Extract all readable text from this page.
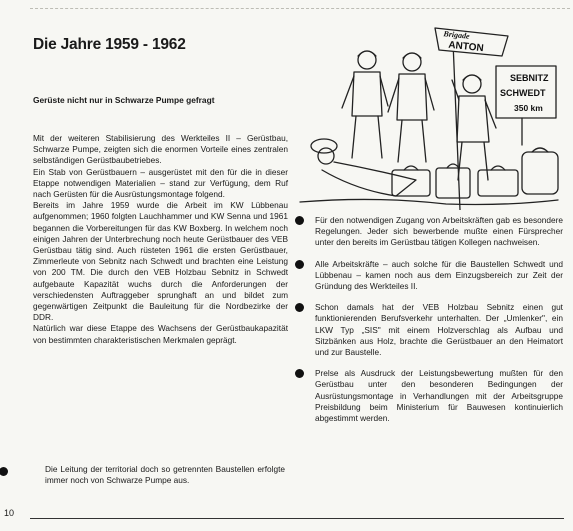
Die Jahre 1959 - 1962
Gerüste nicht nur in Schwarze Pumpe gefragt

Mit der weiteren Stabilisierung des Werkteiles II – Gerüstbau, Schwarze Pumpe, zeigten sich die enormen Vorteile eines zentralen selbständigen Gerüstbaubetriebes.

Ein Stab von Gerüstbauern – ausgerüstet mit den für die in dieser Etappe notwendigen Materialien – stand zur Verfügung, dem Ruf nach Gerüsten für die Ausrüstungsmontage folgend.

Bereits im Jahre 1959 wurde die Arbeit im KW Lübbenau aufgenommen; 1960 folgten Lauchhammer und KW Senna und 1961 begannen die Vorbereitungen für das KW Boxberg. In welchem noch einigen Jahren der Unterbrechung noch heute Gerüstbauer des VEB Gerüstbau tätig sind. Auch rüsteten 1961 die ersten Gerüstbauer, Zimmerleute von Sebnitz nach Schwedt und brachten eine Leistung von 200 TM. Die durch den VEB Holzbau Sebnitz in Schwedt aufgebaute Kapazität wuchs durch die Anforderungen der verschiedensten Auftraggeber sprunghaft an und bildet zum gegenwärtigen Zeitpunkt die Bauleitung für die Nordbezirke der DDR.

Natürlich war diese Etappe des Wachsens der Gerüstbaukapazität von bestimmten charakteristischen Merkmalen geprägt.

Die Leitung der territorial doch so getrennten Baustellen erfolgte immer noch von Schwarze Pumpe aus.
Brigade
ANTON
SEBNITZ
SCHWEDT
350 km
Für den notwendigen Zugang von Arbeitskräften gab es besondere Regelungen. Jeder sich bewerbende mußte einen Fürsprecher unter den bereits im Gerüstbau tätigen Kollegen nachweisen.
Alle Arbeitskräfte – auch solche für die Baustellen Schwedt und Lübbenau – kamen noch aus dem Einzugsbereich zur Zeit der Gründung des Werkteiles II.
Schon damals hat der VEB Holzbau Sebnitz einen gut funktionierenden Berufsverkehr unterhalten. Der „Umlenker", ein LKW Typ „SIS" mit einem Holzverschlag als Aufbau und Sitzbänken aus Holz, brachte die Gerüstbauer an den Heimatort und zur Baustelle.
Prelse als Ausdruck der Leistungsbewertung mußten für den Gerüstbau unter den besonderen Bedingungen der Ausrüstungsmontage in Verhandlungen mit der Arbeitsgruppe Preisbildung beim Ministerium für Bauwesen kontinuierlich abgestimmt werden.
10
